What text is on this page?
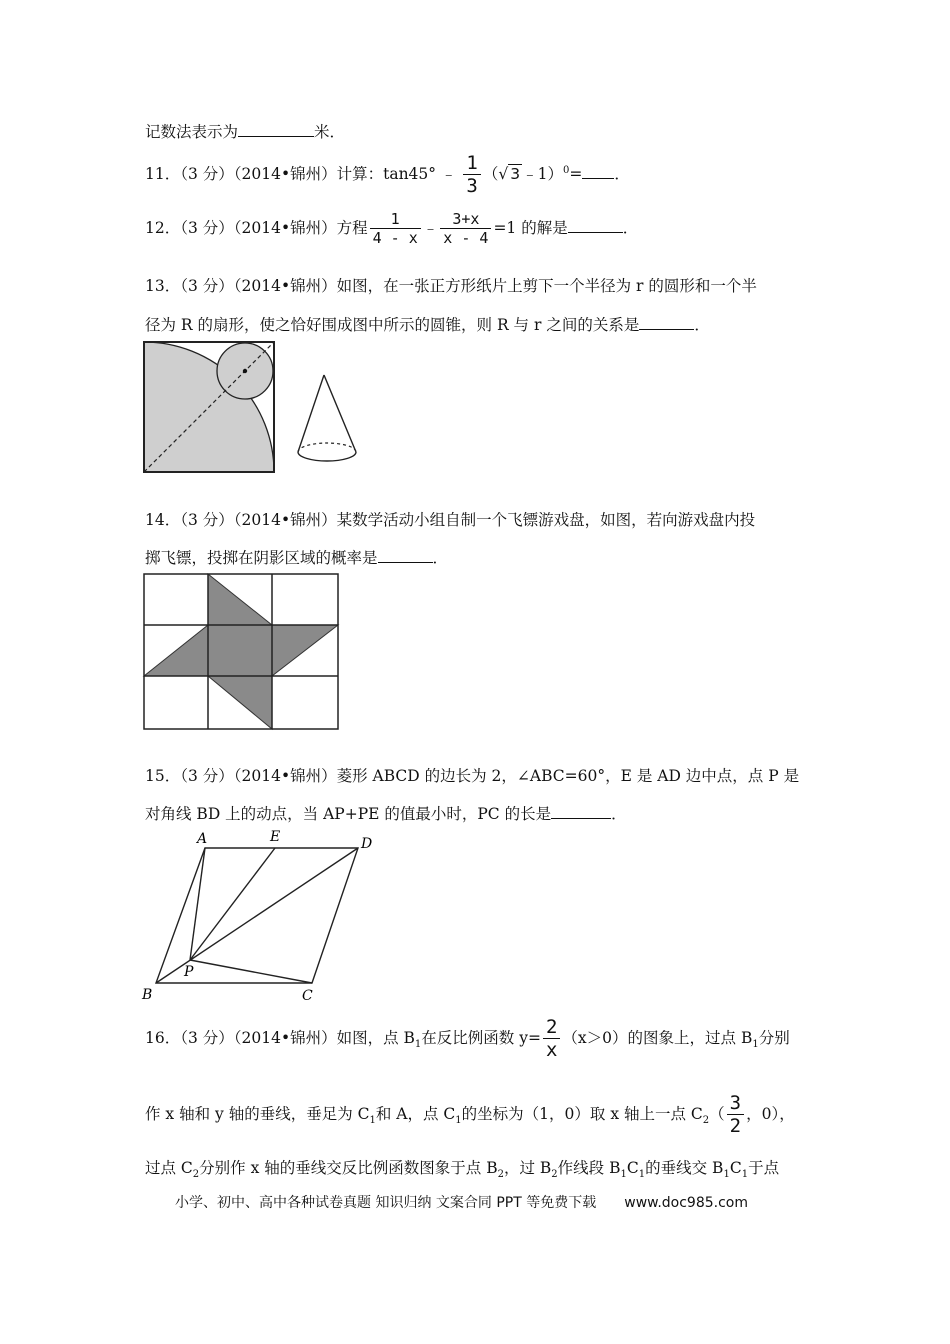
记数法表示为	米．
11．（3 分）（2014•锦州）计算：tan45° ﹣ $\frac{1}{3}$ （√ 3 ﹣1）$^0$= ．
12．（3 分）（2014•锦州）方程 $\frac{1}{4 - x}$ ﹣ $\frac{3+x}{x - 4} =1$ 的解是	．
13．（3 分）（2014•锦州）如图，在一张正方形纸片上剪下一个半径为 r 的圆形和一个半
径为 R 的扇形，使之恰好围成图中所示的圆锥，则 R 与 r 之间的关系是	．
14．（3 分）（2014•锦州）某数学活动小组自制一个飞镖游戏盘，如图，若向游戏盘内投
掷飞镖，投掷在阴影区域的概率是	．
15．（3 分）（2014•锦州）菱形 ABCD 的边长为 2，∠ABC=60°，E 是 AD 边中点，点 P 是
对角线 BD 上的动点，当 AP+PE 的值最小时，PC 的长是	．
A	E	D
P
B	C
16．（3 分）（2014•锦州）如图，点 $B_1$在反比例函数 $y= \frac{2}{x} (x>0)$的图象上，过点 $B_1$分别
作 x 轴和 y 轴的垂线，垂足为 $C_1$和 A，点 $C_1$的坐标为（1，0）取 x 轴上一点 $C_2( \frac{3}{2}$ ，0），
过点 $C_2$分别作 x 轴的垂线交反比例函数图象于点 $B_2$，过 $B_2$作线段 $B_1C_1$的垂线交 $B_1C_1$于点
小学、初中、高中各种试卷真题 知识归纳 文案合同 PPT 等免费下载 www.doc985.com
